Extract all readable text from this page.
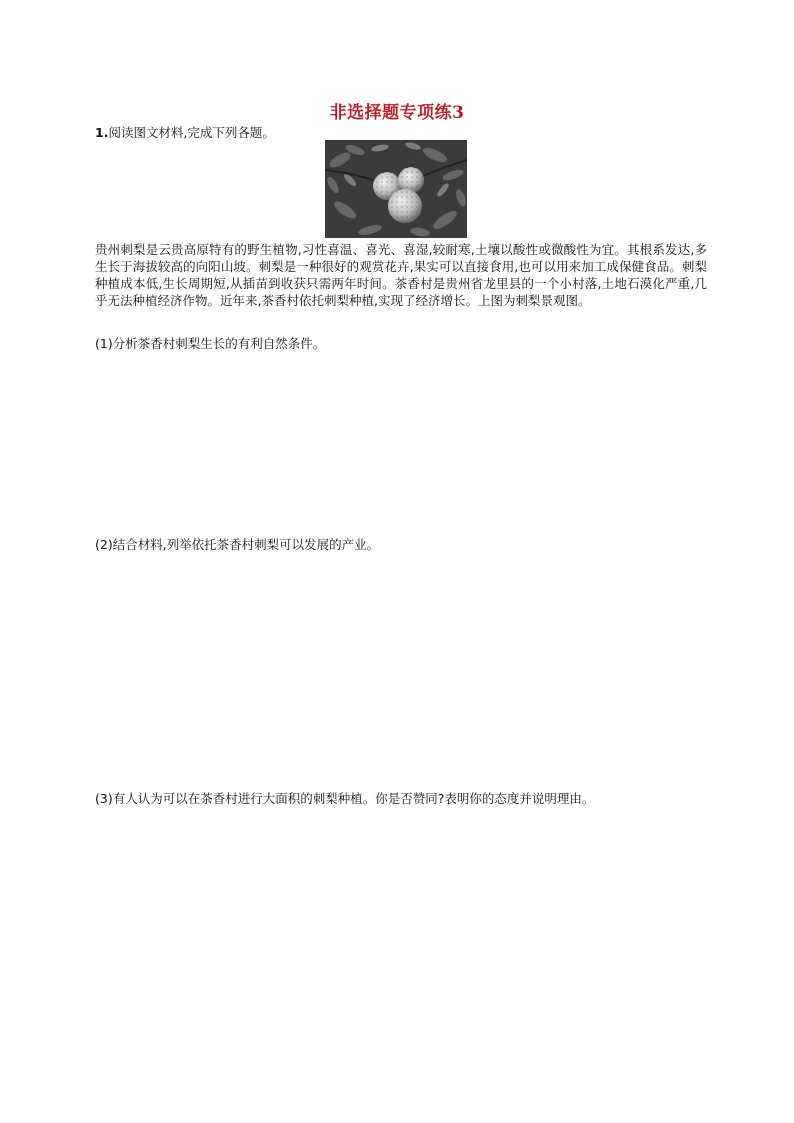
非选择题专项练3
1.阅读图文材料,完成下列各题。
贵州刺梨是云贵高原特有的野生植物,习性喜温、喜光、喜湿,较耐寒,土壤以酸性或微酸性为宜。其根系发达,多生长于海拔较高的向阳山坡。刺梨是一种很好的观赏花卉,果实可以直接食用,也可以用来加工成保健食品。刺梨种植成本低,生长周期短,从插苗到收获只需两年时间。茶香村是贵州省龙里县的一个小村落,土地石漠化严重,几乎无法种植经济作物。近年来,茶香村依托刺梨种植,实现了经济增长。上图为刺梨景观图。
(1)分析茶香村刺梨生长的有利自然条件。
(2)结合材料,列举依托茶香村刺梨可以发展的产业。
(3)有人认为可以在茶香村进行大面积的刺梨种植。你是否赞同?表明你的态度并说明理由。
